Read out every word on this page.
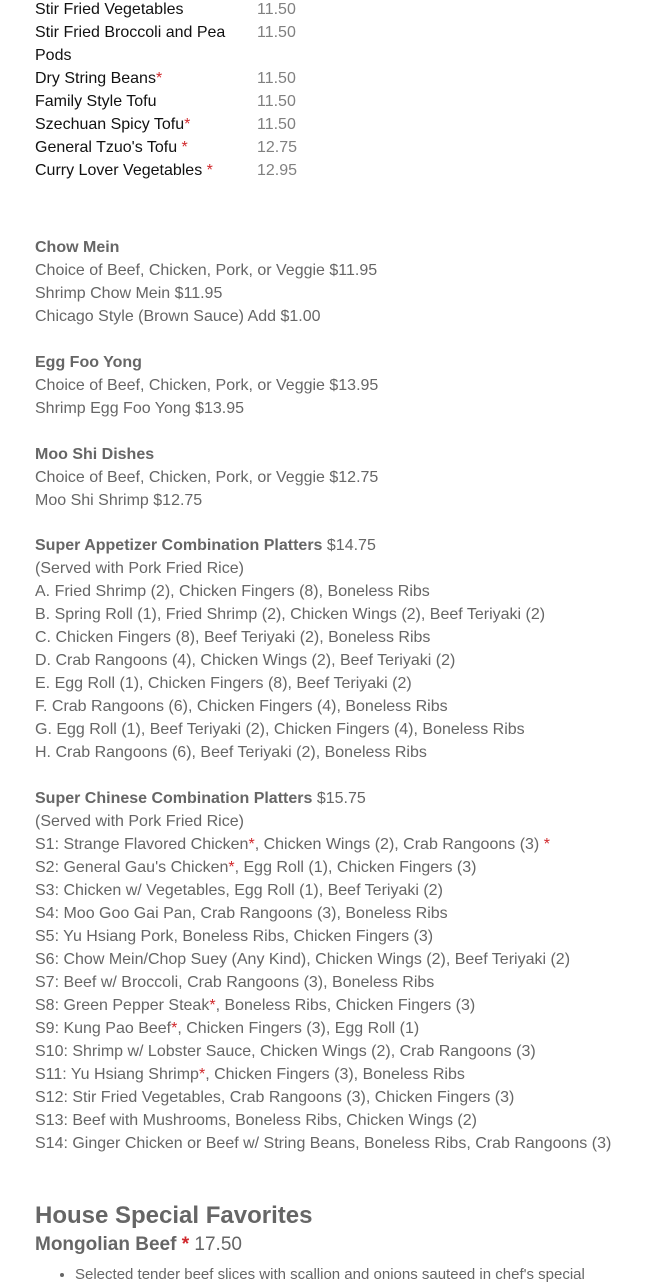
Stir Fried Vegetables	11.50
Stir Fried Broccoli and Pea Pods	11.50
Dry String Beans*	11.50
Family Style Tofu	11.50
Szechuan Spicy Tofu*	11.50
General Tzuo's Tofu *	12.75
Curry Lover Vegetables *	12.95
Chow Mein
Choice of Beef, Chicken, Pork, or Veggie $11.95
Shrimp Chow Mein $11.95
Chicago Style (Brown Sauce) Add $1.00
Egg Foo Yong
Choice of Beef, Chicken, Pork, or Veggie $13.95
Shrimp Egg Foo Yong $13.95
Moo Shi Dishes
Choice of Beef, Chicken, Pork, or Veggie $12.75
Moo Shi Shrimp $12.75
Super Appetizer Combination Platters $14.75
(Served with Pork Fried Rice)
A. Fried Shrimp (2), Chicken Fingers (8), Boneless Ribs
B. Spring Roll (1), Fried Shrimp (2), Chicken Wings (2), Beef Teriyaki (2)
C. Chicken Fingers (8), Beef Teriyaki (2), Boneless Ribs
D. Crab Rangoons (4), Chicken Wings (2), Beef Teriyaki (2)
E. Egg Roll (1), Chicken Fingers (8), Beef Teriyaki (2)
F. Crab Rangoons (6), Chicken Fingers (4), Boneless Ribs
G. Egg Roll (1), Beef Teriyaki (2), Chicken Fingers (4), Boneless Ribs
H. Crab Rangoons (6), Beef Teriyaki (2), Boneless Ribs
Super Chinese Combination Platters $15.75
(Served with Pork Fried Rice)
S1: Strange Flavored Chicken*, Chicken Wings (2), Crab Rangoons (3) *
S2: General Gau's Chicken*, Egg Roll (1), Chicken Fingers (3)
S3: Chicken w/ Vegetables, Egg Roll (1), Beef Teriyaki (2)
S4: Moo Goo Gai Pan, Crab Rangoons (3), Boneless Ribs
S5: Yu Hsiang Pork, Boneless Ribs, Chicken Fingers (3)
S6: Chow Mein/Chop Suey (Any Kind), Chicken Wings (2), Beef Teriyaki (2)
S7: Beef w/ Broccoli, Crab Rangoons (3), Boneless Ribs
S8: Green Pepper Steak*, Boneless Ribs, Chicken Fingers (3)
S9: Kung Pao Beef*, Chicken Fingers (3), Egg Roll (1)
S10: Shrimp w/ Lobster Sauce, Chicken Wings (2), Crab Rangoons (3)
S11: Yu Hsiang Shrimp*, Chicken Fingers (3), Boneless Ribs
S12: Stir Fried Vegetables, Crab Rangoons (3), Chicken Fingers (3)
S13: Beef with Mushrooms, Boneless Ribs, Chicken Wings (2)
S14: Ginger Chicken or Beef w/ String Beans, Boneless Ribs, Crab Rangoons (3)
House Special Favorites
Mongolian Beef * 17.50
• Selected tender beef slices with scallion and onions sauteed in chef's special
